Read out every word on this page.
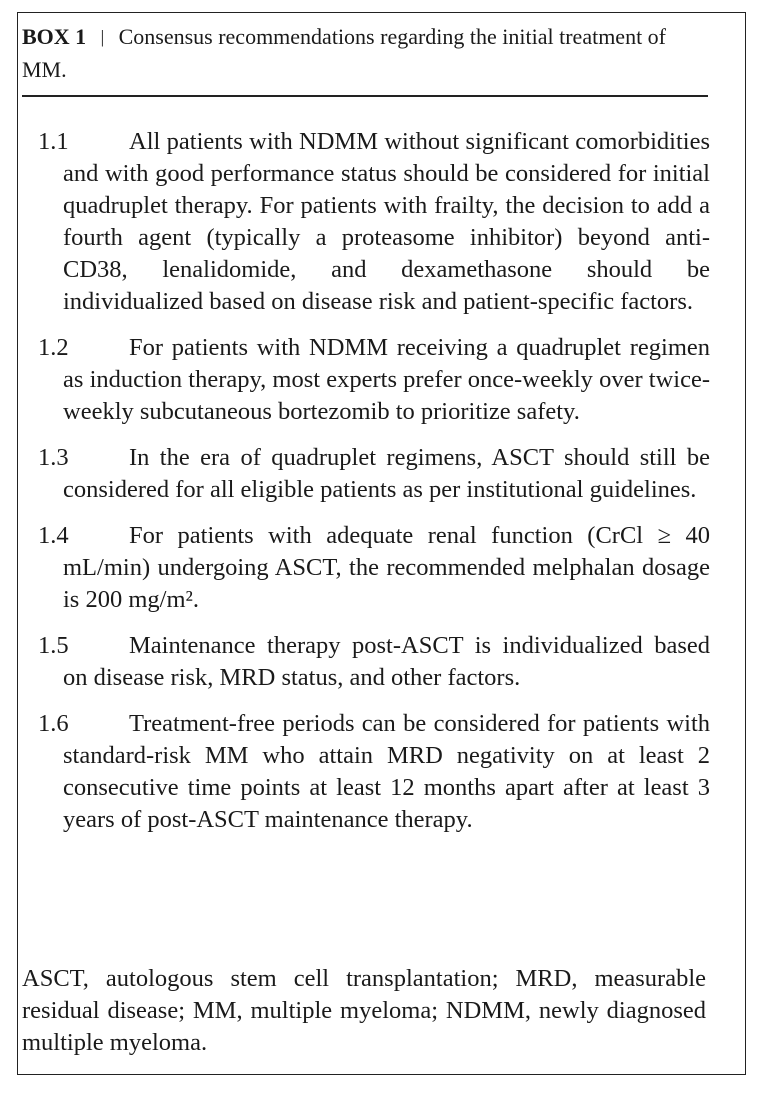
BOX 1 | Consensus recommendations regarding the initial treatment of MM.
1.1	All patients with NDMM without significant comorbidities and with good performance status should be considered for initial quadruplet therapy. For patients with frailty, the decision to add a fourth agent (typically a proteasome inhibitor) beyond anti-CD38, lenalidomide, and dexamethasone should be individualized based on disease risk and patient-specific factors.
1.2	For patients with NDMM receiving a quadruplet regimen as induction therapy, most experts prefer once-weekly over twice-weekly subcutaneous bortezomib to prioritize safety.
1.3	In the era of quadruplet regimens, ASCT should still be considered for all eligible patients as per institutional guidelines.
1.4	For patients with adequate renal function (CrCl ≥ 40 mL/min) undergoing ASCT, the recommended melphalan dosage is 200 mg/m².
1.5	Maintenance therapy post-ASCT is individualized based on disease risk, MRD status, and other factors.
1.6	Treatment-free periods can be considered for patients with standard-risk MM who attain MRD negativity on at least 2 consecutive time points at least 12 months apart after at least 3 years of post-ASCT maintenance therapy.
ASCT, autologous stem cell transplantation; MRD, measurable residual disease; MM, multiple myeloma; NDMM, newly diagnosed multiple myeloma.
